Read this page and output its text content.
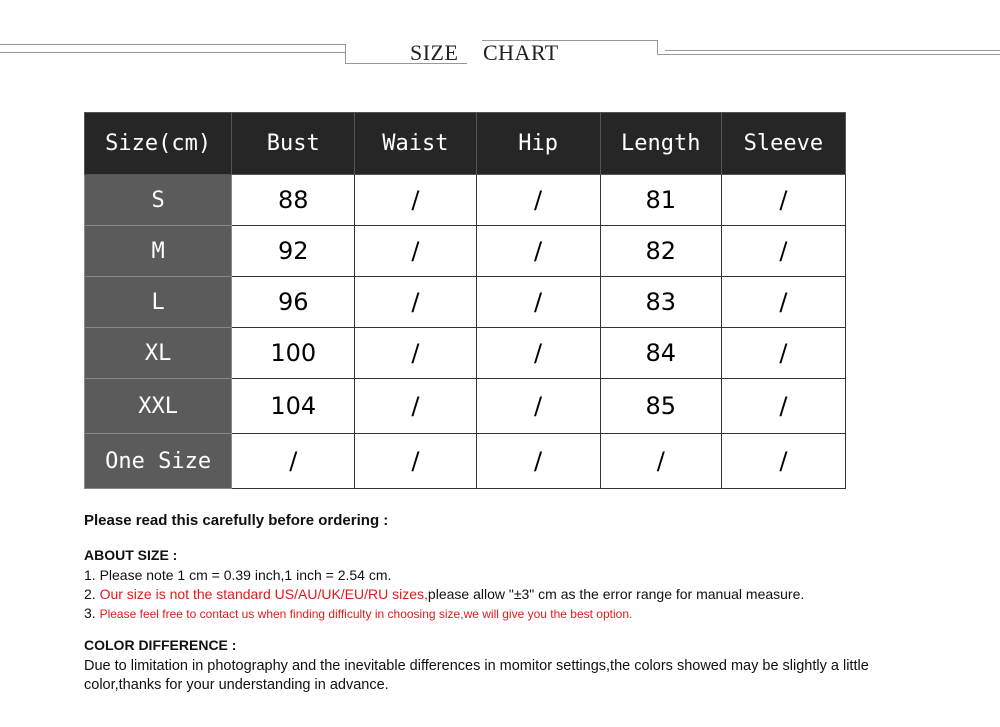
SIZE CHART
Size(cm)	Bust	Waist	Hip	Length	Sleeve
S	88	/	/	81	/
M	92	/	/	82	/
L	96	/	/	83	/
XL	100	/	/	84	/
XXL	104	/	/	85	/
One Size	/	/	/	/	/

Please read this carefully before ordering :

ABOUT SIZE :

1. Please note 1 cm = 0.39 inch,1 inch = 2.54 cm.

2. Our size is not the standard US/AU/UK/EU/RU sizes,please allow "±3" cm as the error range for manual measure.

3. Please feel free to contact us when finding difficulty in choosing size,we will give you the best option.

COLOR DIFFERENCE :

Due to limitation in photography and the inevitable differences in momitor settings,the colors showed may be slightly a little color,thanks for your understanding in advance.
